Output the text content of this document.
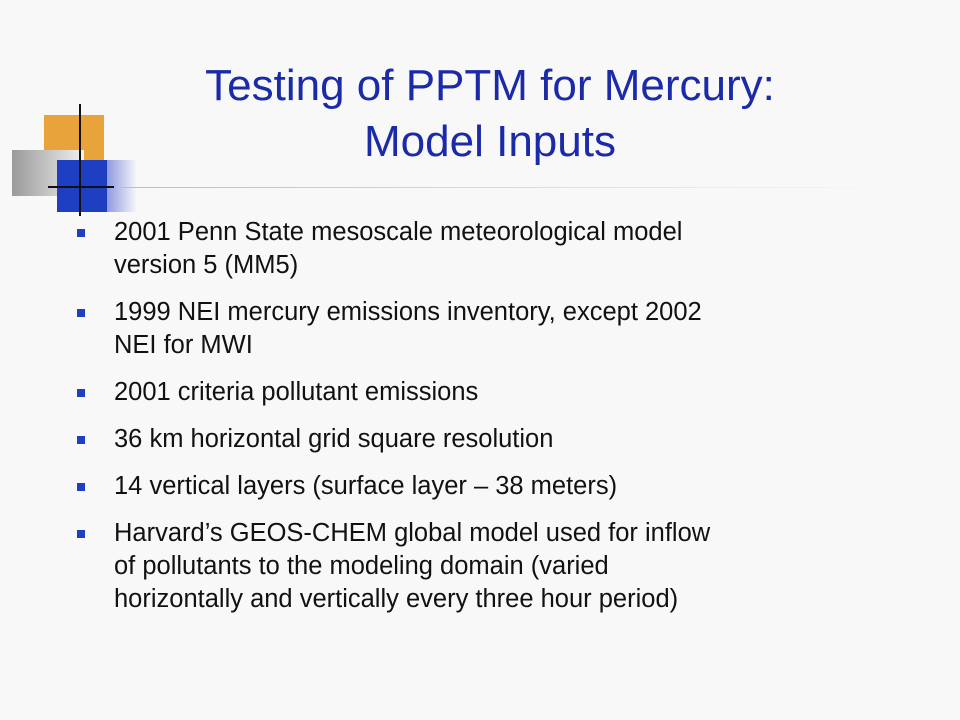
Testing of PPTM for Mercury:
Model Inputs
2001 Penn State mesoscale meteorological model
version 5 (MM5)
1999 NEI mercury emissions inventory, except 2002
NEI for MWI
2001 criteria pollutant emissions
36 km horizontal grid square resolution
14 vertical layers (surface layer – 38 meters)
Harvard’s GEOS-CHEM global model used for inflow
of pollutants to the modeling domain (varied
horizontally and vertically every three hour period)
